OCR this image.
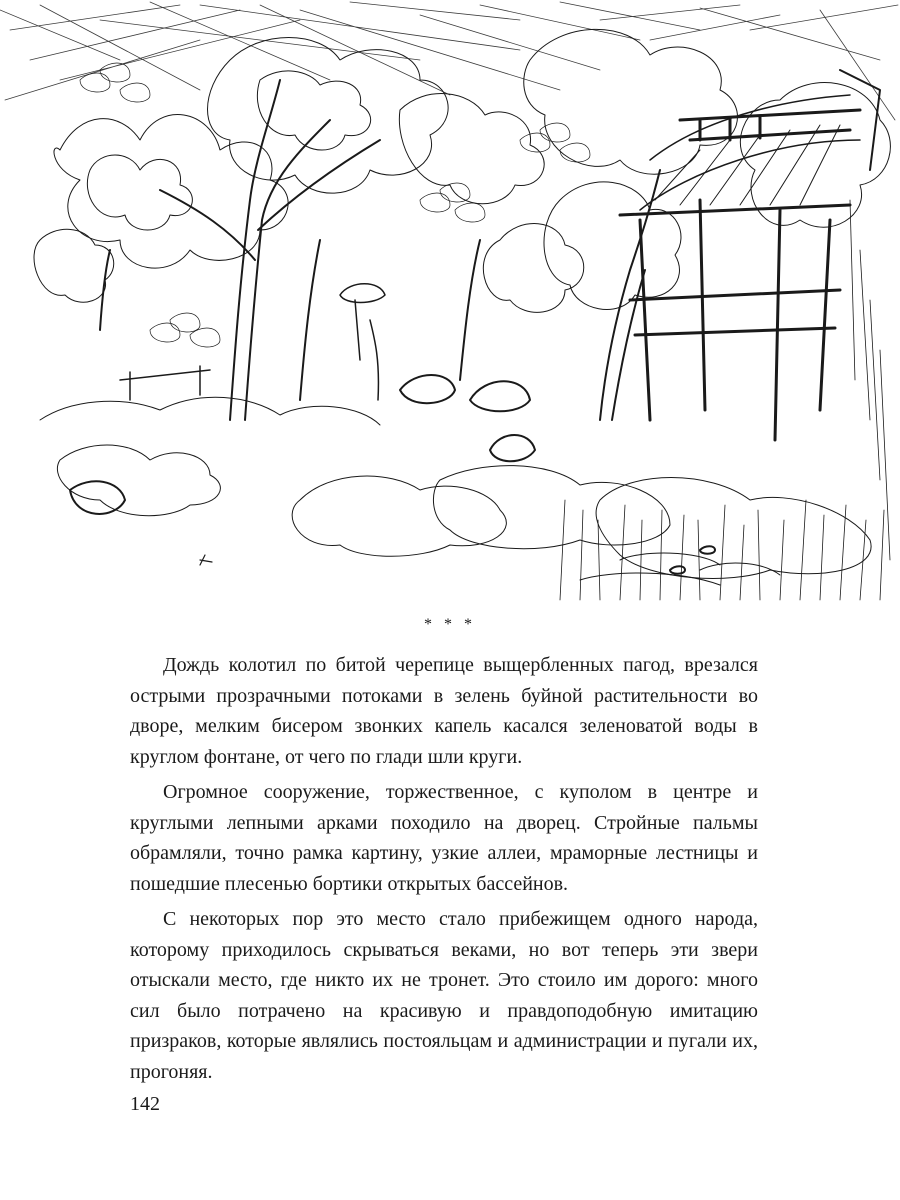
* * *

Дождь колотил по битой черепице выщербленных пагод, врезался острыми прозрачными потоками в зелень буйной растительности во дворе, мелким бисером звонких капель касался зеленоватой воды в круглом фонтане, от чего по глади шли круги.

Огромное сооружение, торжественное, с куполом в центре и круглыми лепными арками походило на дворец. Стройные пальмы обрамляли, точно рамка картину, узкие аллеи, мраморные лестницы и пошедшие плесенью бортики открытых бассейнов.

С некоторых пор это место стало прибежищем одного народа, которому приходилось скрываться веками, но вот теперь эти звери отыскали место, где никто их не тронет. Это стоило им дорого: много сил было потрачено на красивую и правдоподобную имитацию призраков, которые являлись постояльцам и администрации и пугали их, прогоняя.

142
